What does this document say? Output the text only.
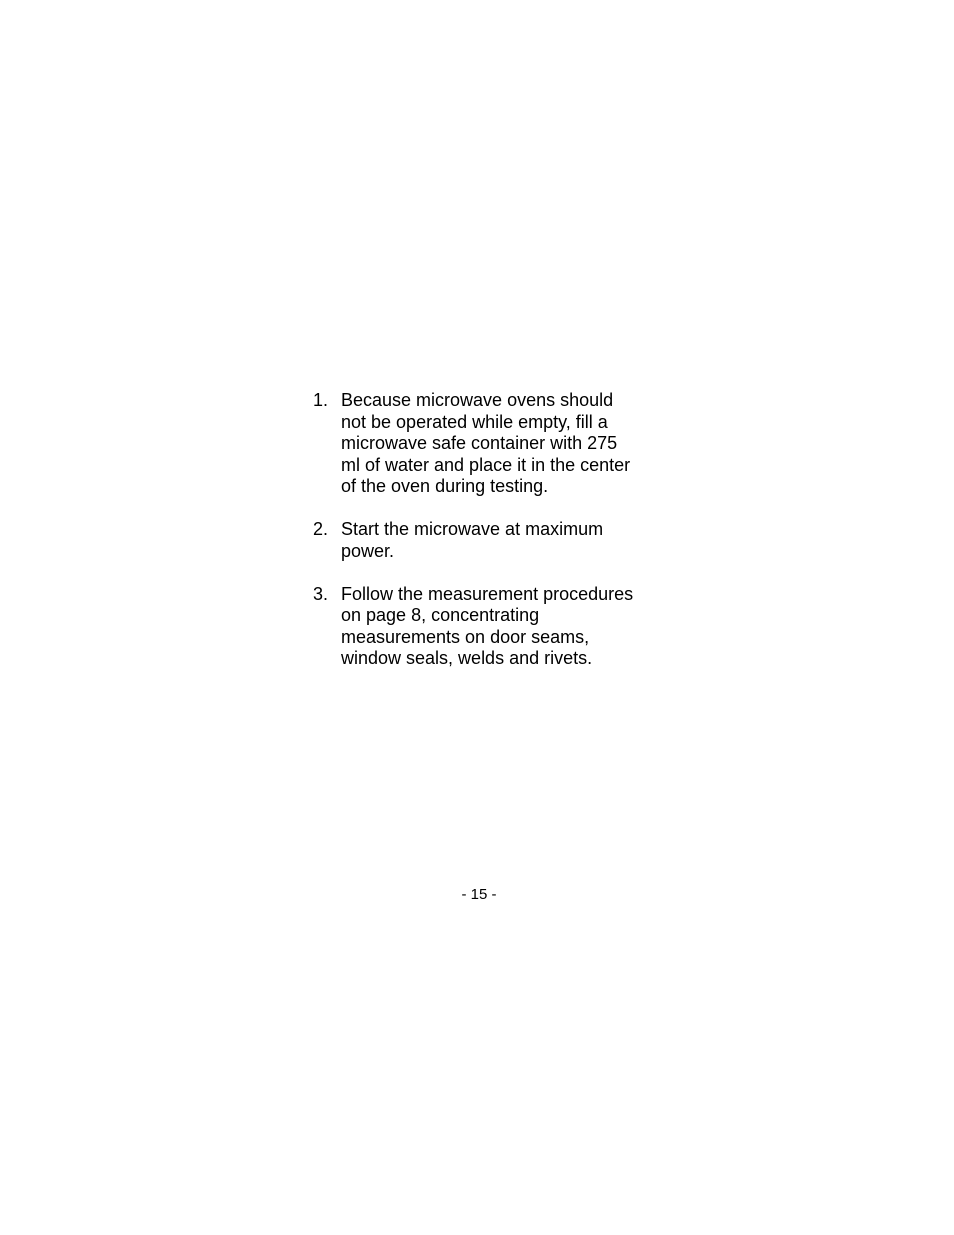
1. Because microwave ovens should
not be operated while empty, fill a
microwave safe container with 275
ml of water and place it in the center
of the oven during testing.
2. Start the microwave at maximum
power.
3. Follow the measurement procedures
on page 8, concentrating
measurements on door seams,
window seals, welds and rivets.
- 15 -
